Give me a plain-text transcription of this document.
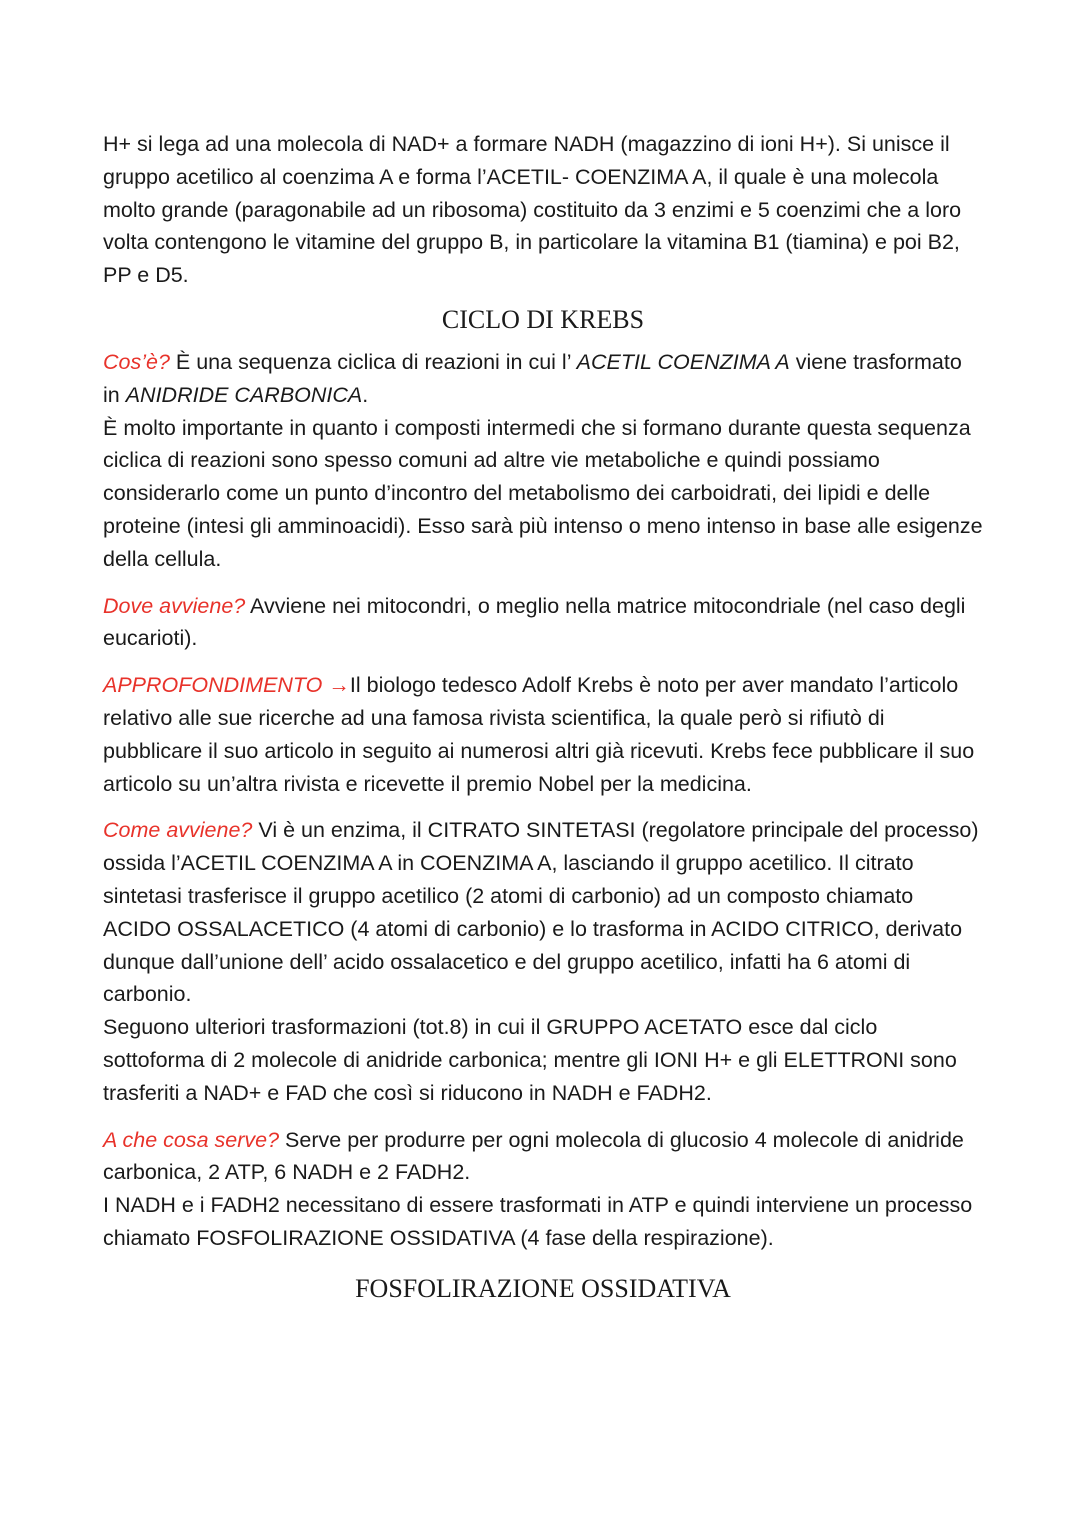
H+ si lega ad una molecola di NAD+ a formare NADH (magazzino di ioni H+). Si unisce il gruppo acetilico al coenzima A e forma l’ACETIL- COENZIMA A, il quale è una molecola molto grande (paragonabile ad un ribosoma) costituito da 3 enzimi e 5 coenzimi che a loro volta contengono le vitamine del gruppo B, in particolare la vitamina B1 (tiamina) e poi B2, PP e D5.

CICLO DI KREBS

Cos’è? È una sequenza ciclica di reazioni in cui l’ ACETIL COENZIMA A viene trasformato in ANIDRIDE CARBONICA.

È molto importante in quanto i composti intermedi che si formano durante questa sequenza ciclica di reazioni sono spesso comuni ad altre vie metaboliche e quindi possiamo considerarlo come un punto d’incontro del metabolismo dei carboidrati, dei lipidi e delle proteine (intesi gli amminoacidi). Esso sarà più intenso o meno intenso in base alle esigenze della cellula.

Dove avviene? Avviene nei mitocondri, o meglio nella matrice mitocondriale (nel caso degli eucarioti).

APPROFONDIMENTO →Il biologo tedesco Adolf Krebs è noto per aver mandato l’articolo relativo alle sue ricerche ad una famosa rivista scientifica, la quale però si rifiutò di pubblicare il suo articolo in seguito ai numerosi altri già ricevuti. Krebs fece pubblicare il suo articolo su un’altra rivista e ricevette il premio Nobel per la medicina.

Come avviene? Vi è un enzima, il CITRATO SINTETASI (regolatore principale del processo) ossida l’ACETIL COENZIMA A in COENZIMA A, lasciando il gruppo acetilico. Il citrato sintetasi trasferisce il gruppo acetilico (2 atomi di carbonio) ad un composto chiamato ACIDO OSSALACETICO (4 atomi di carbonio) e lo trasforma in ACIDO CITRICO, derivato dunque dall’unione dell’ acido ossalacetico e del gruppo acetilico, infatti ha 6 atomi di carbonio.

Seguono ulteriori trasformazioni (tot.8) in cui il GRUPPO ACETATO esce dal ciclo sottoforma di 2 molecole di anidride carbonica; mentre gli IONI H+ e gli ELETTRONI sono trasferiti a NAD+ e FAD che così si riducono in NADH e FADH2.

A che cosa serve? Serve per produrre per ogni molecola di glucosio 4 molecole di anidride carbonica, 2 ATP, 6 NADH e 2 FADH2.

I NADH e i FADH2 necessitano di essere trasformati in ATP e quindi interviene un processo chiamato FOSFOLIRAZIONE OSSIDATIVA (4 fase della respirazione).

FOSFOLIRAZIONE OSSIDATIVA
